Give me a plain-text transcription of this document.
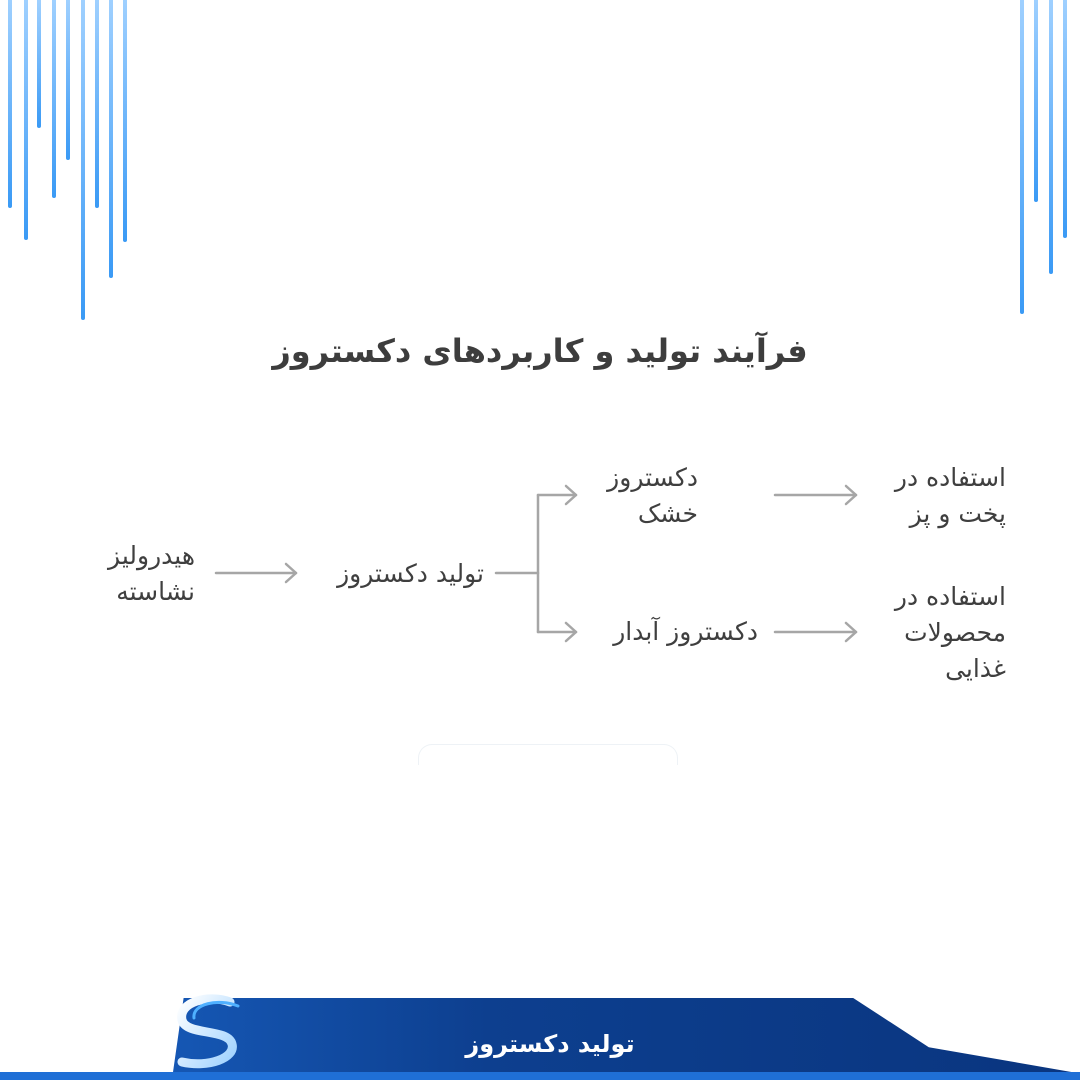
فرآیند تولید و کاربردهای دکستروز
هیدرولیز
نشاسته
تولید دکستروز
دکستروز
خشک
دکستروز آبدار
استفاده در
پخت و پز
استفاده در
محصولات
غذایی
تولید دکستروز
